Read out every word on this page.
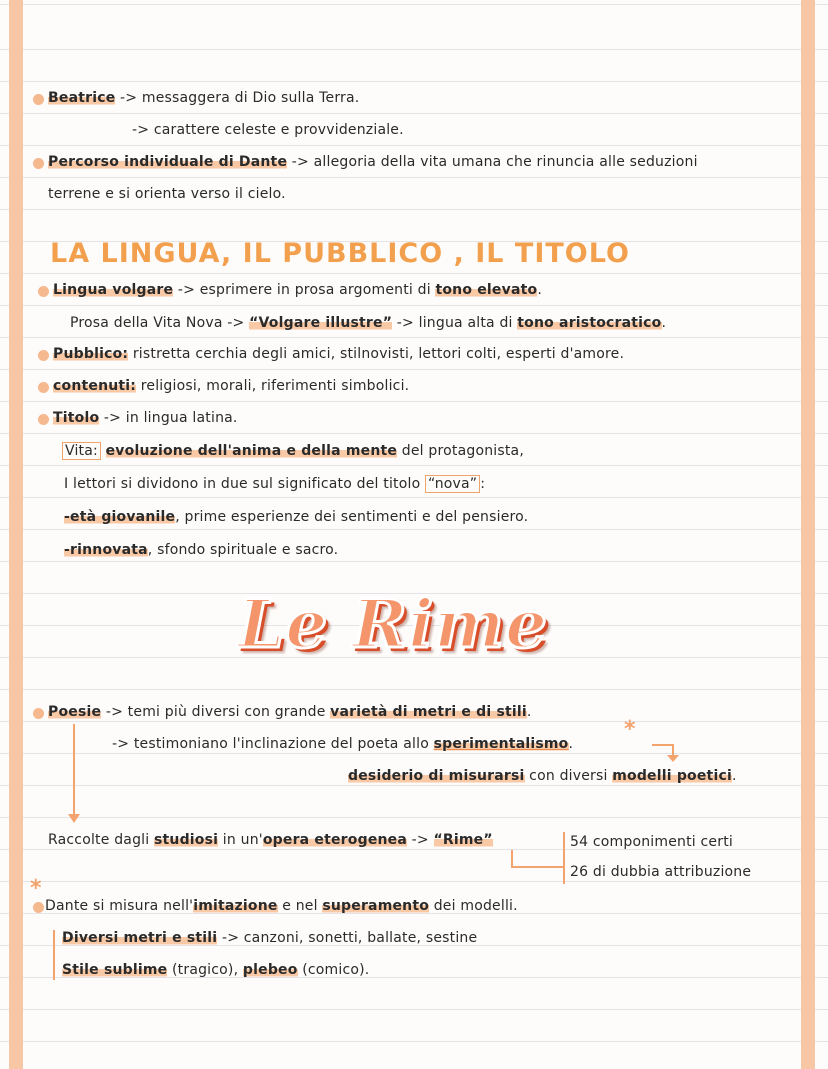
Beatrice -> messaggera di Dio sulla Terra.
-> carattere celeste e provvidenziale.
Percorso individuale di Dante -> allegoria della vita umana che rinuncia alle seduzioni
terrene e si orienta verso il cielo.
LA LINGUA, IL PUBBLICO , IL TITOLO
Lingua volgare -> esprimere in prosa argomenti di tono elevato.
Prosa della Vita Nova -> “Volgare illustre” -> lingua alta di tono aristocratico.
Pubblico: ristretta cerchia degli amici, stilnovisti, lettori colti, esperti d'amore.
contenuti: religiosi, morali, riferimenti simbolici.
Titolo -> in lingua latina.
Vita: evoluzione dell'anima e della mente del protagonista,
I lettori si dividono in due sul significato del titolo “nova” :
-età giovanile, prime esperienze dei sentimenti e del pensiero.
-rinnovata, sfondo spirituale e sacro.
Le Rime
Poesie -> temi più diversi con grande varietà di metri e di stili.
*
-> testimoniano l'inclinazione del poeta allo sperimentalismo.
desiderio di misurarsi con diversi modelli poetici.
Raccolte dagli studiosi in un'opera eterogenea -> “Rime”	54 componimenti certi
26 di dubbia attribuzione
*
Dante si misura nell'imitazione e nel superamento dei modelli.
Diversi metri e stili -> canzoni, sonetti, ballate, sestine
Stile sublime (tragico), plebeo (comico).
